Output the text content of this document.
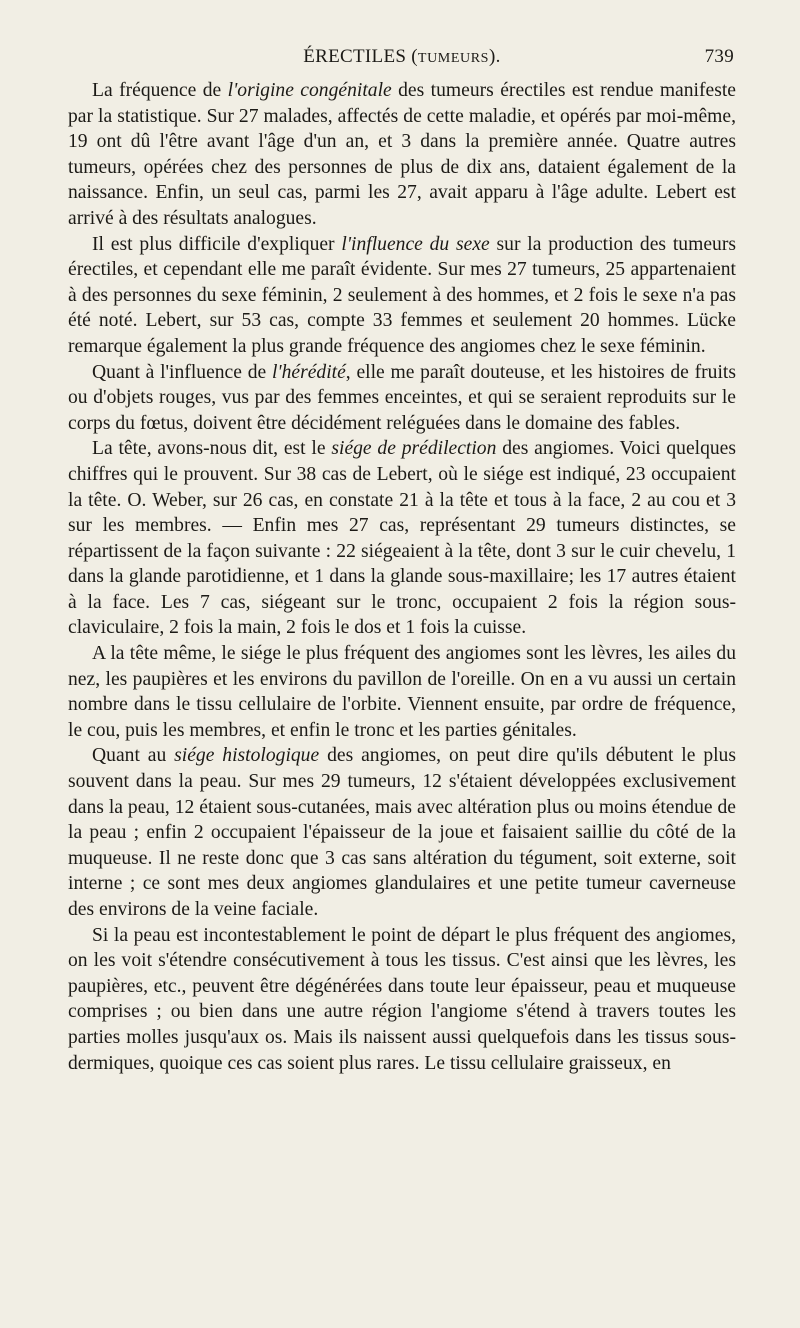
ÉRECTILES (TUMEURS).	739

La fréquence de l'origine congénitale des tumeurs érectiles est rendue manifeste par la statistique. Sur 27 malades, affectés de cette maladie, et opérés par moi-même, 19 ont dû l'être avant l'âge d'un an, et 3 dans la première année. Quatre autres tumeurs, opérées chez des personnes de plus de dix ans, dataient également de la naissance. Enfin, un seul cas, parmi les 27, avait apparu à l'âge adulte. Lebert est arrivé à des résultats analogues.

Il est plus difficile d'expliquer l'influence du sexe sur la production des tumeurs érectiles, et cependant elle me paraît évidente. Sur mes 27 tumeurs, 25 appartenaient à des personnes du sexe féminin, 2 seulement à des hommes, et 2 fois le sexe n'a pas été noté. Lebert, sur 53 cas, compte 33 femmes et seulement 20 hommes. Lücke remarque également la plus grande fréquence des angiomes chez le sexe féminin.

Quant à l'influence de l'hérédité, elle me paraît douteuse, et les histoires de fruits ou d'objets rouges, vus par des femmes enceintes, et qui se seraient reproduits sur le corps du fœtus, doivent être décidément reléguées dans le domaine des fables.

La tête, avons-nous dit, est le siége de prédilection des angiomes. Voici quelques chiffres qui le prouvent. Sur 38 cas de Lebert, où le siége est indiqué, 23 occupaient la tête. O. Weber, sur 26 cas, en constate 21 à la tête et tous à la face, 2 au cou et 3 sur les membres. — Enfin mes 27 cas, représentant 29 tumeurs distinctes, se répartissent de la façon suivante : 22 siégeaient à la tête, dont 3 sur le cuir chevelu, 1 dans la glande parotidienne, et 1 dans la glande sous-maxillaire; les 17 autres étaient à la face. Les 7 cas, siégeant sur le tronc, occupaient 2 fois la région sous-claviculaire, 2 fois la main, 2 fois le dos et 1 fois la cuisse.

A la tête même, le siége le plus fréquent des angiomes sont les lèvres, les ailes du nez, les paupières et les environs du pavillon de l'oreille. On en a vu aussi un certain nombre dans le tissu cellulaire de l'orbite. Viennent ensuite, par ordre de fréquence, le cou, puis les membres, et enfin le tronc et les parties génitales.

Quant au siége histologique des angiomes, on peut dire qu'ils débutent le plus souvent dans la peau. Sur mes 29 tumeurs, 12 s'étaient développées exclusivement dans la peau, 12 étaient sous-cutanées, mais avec altération plus ou moins étendue de la peau ; enfin 2 occupaient l'épaisseur de la joue et faisaient saillie du côté de la muqueuse. Il ne reste donc que 3 cas sans altération du tégument, soit externe, soit interne ; ce sont mes deux angiomes glandulaires et une petite tumeur caverneuse des environs de la veine faciale.

Si la peau est incontestablement le point de départ le plus fréquent des angiomes, on les voit s'étendre consécutivement à tous les tissus. C'est ainsi que les lèvres, les paupières, etc., peuvent être dégénérées dans toute leur épaisseur, peau et muqueuse comprises ; ou bien dans une autre région l'angiome s'étend à travers toutes les parties molles jusqu'aux os. Mais ils naissent aussi quelquefois dans les tissus sous-dermiques, quoique ces cas soient plus rares. Le tissu cellulaire graisseux, en
